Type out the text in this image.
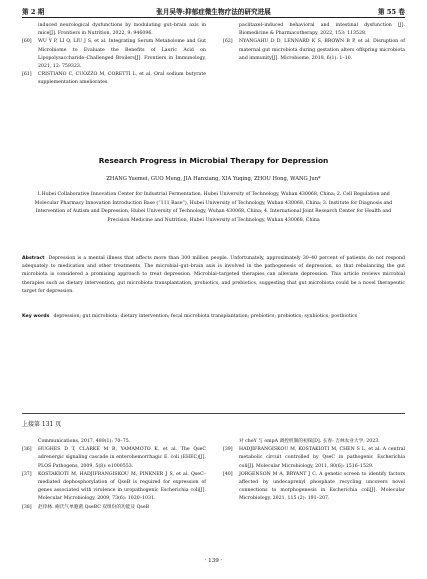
第 2 期	张月吴等:抑郁症微生物疗法的研究进展	第 55 卷
induced neurological dysfunctions by modulating gut–brain axis in mice[J]. Frontiers in Nutrition, 2022, 9: 946096.
[60] WU Y P, LI Q, LIU J S, et al. Integrating Serum Metabolome and Gut Microbiome to Evaluate the Benefits of Lauric Acid on Lipopolysaccharide–Challenged Broilers[J]. Frontiers in Immunology, 2021, 12: 759323.
[61] CRISTIANO C, CUOZZO M, CORETTI L, et al. Oral sodium butyrate supplementation ameliorates
paclitaxel–induced behavioral and intestinal dysfunction [J]. Biomedicine & Pharmacotherapy, 2022, 153: 113528.
[62] NYANGAHU D D, LENNARD K S, BROWN B P, et al. Disruption of maternal gut microbiota during gestation alters offspring microbiota and immunity[J]. Microbiome, 2018, 6(1): 1–10.
Research Progress in Microbial Therapy for Depression
ZHANG Yuemei, GUO Meng, JIA Hanxiang, XIA Yuqing, ZHOU Hong, WANG Jun*
1.Hubei Collaborative Innovation Center for Industrial Fermentation, Hubei University of Technology, Wuhan 430068, China; 2. Cell Regulation and Molecular Pharmacy Innovation Introduction Base (“111 Base”), Hubei University of Technology, Wuhan 430068, China; 3. Institute for Diagnosis and Intervention of Autism and Depression, Hubei University of Technology, Wuhan 430068, China; 4. International Joint Research Center for Health and Precision Medicine and Nutrition, Hubei University of Technology, Wuhan 430068, China
Abstract Depression is a mental illness that affects more than 300 million people. Unfortunately, approximately 30–40 percent of patients do not respond adequately to medication and other treatments. The microbial–gut–brain axis is involved in the pathogenesis of depression, so that rebalancing the gut microbiota is considered a promising approach to treat depression. Microbial–targeted therapies can alleviate depression. This article reviews microbial therapies such as dietary intervention, gut microbiota transplantation, probiotics, and prebiotics, suggesting that gut microbiota could be a novel therapeutic target for depression.
Key words depression; gut microbiota; dietary intervention; fecal microbiota transplantation; prebiotics; probiotics; synbiotics; postbiotics
上接第 131 页
Communications, 2017, 489(1): 70–75.
[36] HUGHES D T, CLARKE M B, YAMAMOTO K, et al. The QseC adrenergic signaling cascade in enterohemorrhagic E. coli (EHEC)[J]. PLOS Pathogens, 2009, 5(8): e1000553.
[37] KOSTAKIOTI M, HADJIFRANGISKOU M, PINKNER J S, et al. QseC–mediated dephosphorylation of QseB is required for expression of genes associated with virulence in uropathogenic Escherichia coli[J]. Molecular Microbiology, 2009, 73(6): 1020–1031.
[38] 赵倖林. 痢氏气单胞菌 QseBC 双组份的功能及 QseB
对 cheY 与 ompA 调控机制的初探[D]. 长春: 吉林农业大学, 2023.
[39] HADJIFRANGISKOU M, KOSTAKIOTI M, CHEN S L, et al. A central metabolic circuit controlled by QseC in pathogenic Escherichia coli[J]. Molecular Microbiology, 2011, 80(6): 1516–1529.
[40] JORGENSON M A, BRYANT J C. A genetic screen to identify factors affected by undecaprenyl phosphate recycling uncovers novel connections to morphogenesis in Escherichia coli[J]. Molecular Microbiology, 2021, 115 (2): 191–207.
· 139 ·
